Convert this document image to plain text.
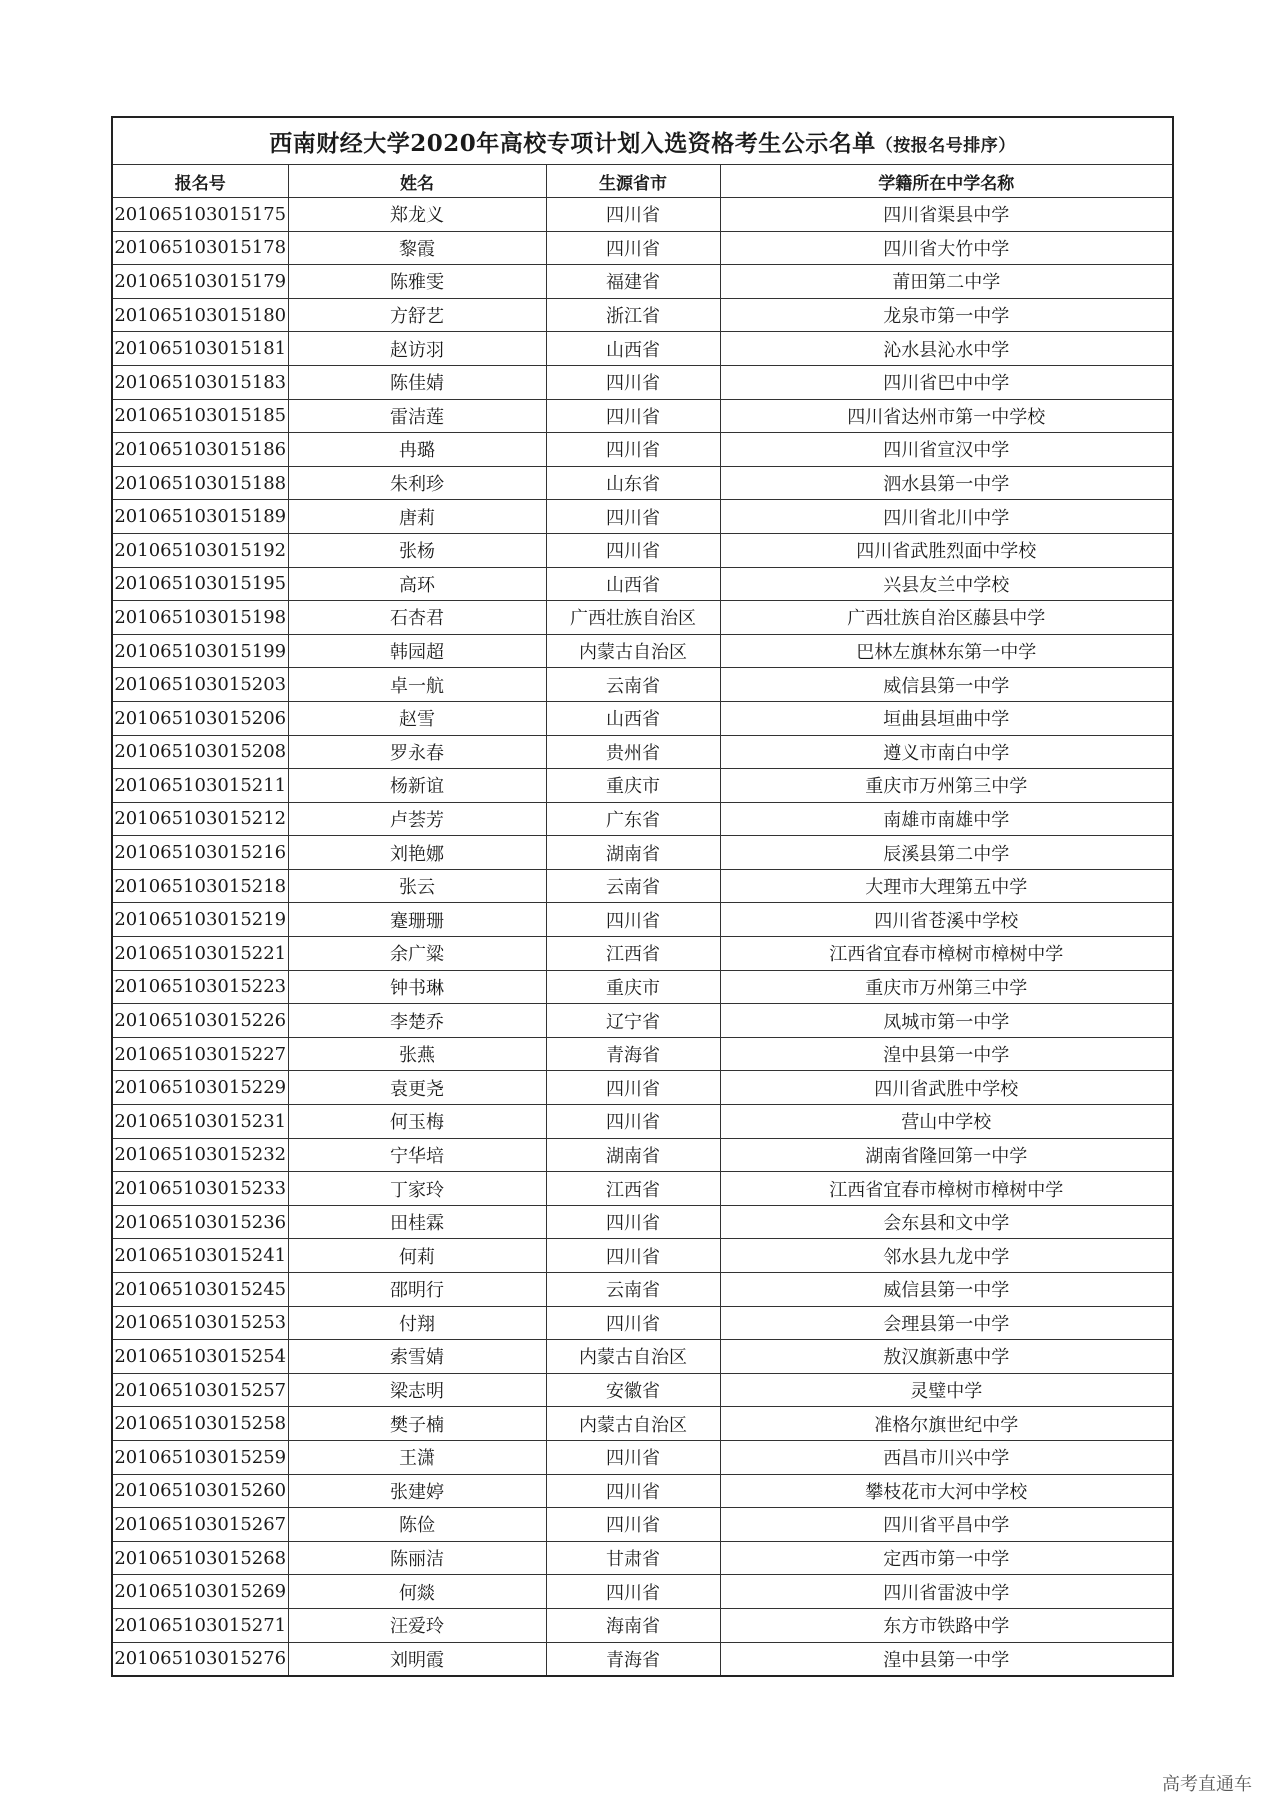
西南财经大学2020年高校专项计划入选资格考生公示名单（按报名号排序）			
报名号	姓名	生源省市	学籍所在中学名称
201065103015175	郑龙义	四川省	四川省渠县中学
201065103015178	黎霞	四川省	四川省大竹中学
201065103015179	陈雅雯	福建省	莆田第二中学
201065103015180	方舒艺	浙江省	龙泉市第一中学
201065103015181	赵访羽	山西省	沁水县沁水中学
201065103015183	陈佳婧	四川省	四川省巴中中学
201065103015185	雷洁莲	四川省	四川省达州市第一中学校
201065103015186	冉璐	四川省	四川省宣汉中学
201065103015188	朱利珍	山东省	泗水县第一中学
201065103015189	唐莉	四川省	四川省北川中学
201065103015192	张杨	四川省	四川省武胜烈面中学校
201065103015195	高环	山西省	兴县友兰中学校
201065103015198	石杏君	广西壮族自治区	广西壮族自治区藤县中学
201065103015199	韩园超	内蒙古自治区	巴林左旗林东第一中学
201065103015203	卓一航	云南省	威信县第一中学
201065103015206	赵雪	山西省	垣曲县垣曲中学
201065103015208	罗永春	贵州省	遵义市南白中学
201065103015211	杨新谊	重庆市	重庆市万州第三中学
201065103015212	卢荟芳	广东省	南雄市南雄中学
201065103015216	刘艳娜	湖南省	辰溪县第二中学
201065103015218	张云	云南省	大理市大理第五中学
201065103015219	蹇珊珊	四川省	四川省苍溪中学校
201065103015221	余广粱	江西省	江西省宜春市樟树市樟树中学
201065103015223	钟书琳	重庆市	重庆市万州第三中学
201065103015226	李楚乔	辽宁省	凤城市第一中学
201065103015227	张燕	青海省	湟中县第一中学
201065103015229	袁更尧	四川省	四川省武胜中学校
201065103015231	何玉梅	四川省	营山中学校
201065103015232	宁华培	湖南省	湖南省隆回第一中学
201065103015233	丁家玲	江西省	江西省宜春市樟树市樟树中学
201065103015236	田桂霖	四川省	会东县和文中学
201065103015241	何莉	四川省	邻水县九龙中学
201065103015245	邵明行	云南省	威信县第一中学
201065103015253	付翔	四川省	会理县第一中学
201065103015254	索雪婧	内蒙古自治区	敖汉旗新惠中学
201065103015257	梁志明	安徽省	灵璧中学
201065103015258	樊子楠	内蒙古自治区	准格尔旗世纪中学
201065103015259	王潇	四川省	西昌市川兴中学
201065103015260	张建婷	四川省	攀枝花市大河中学校
201065103015267	陈俭	四川省	四川省平昌中学
201065103015268	陈丽洁	甘肃省	定西市第一中学
201065103015269	何燚	四川省	四川省雷波中学
201065103015271	汪爱玲	海南省	东方市铁路中学
201065103015276	刘明霞	青海省	湟中县第一中学
高考直通车
